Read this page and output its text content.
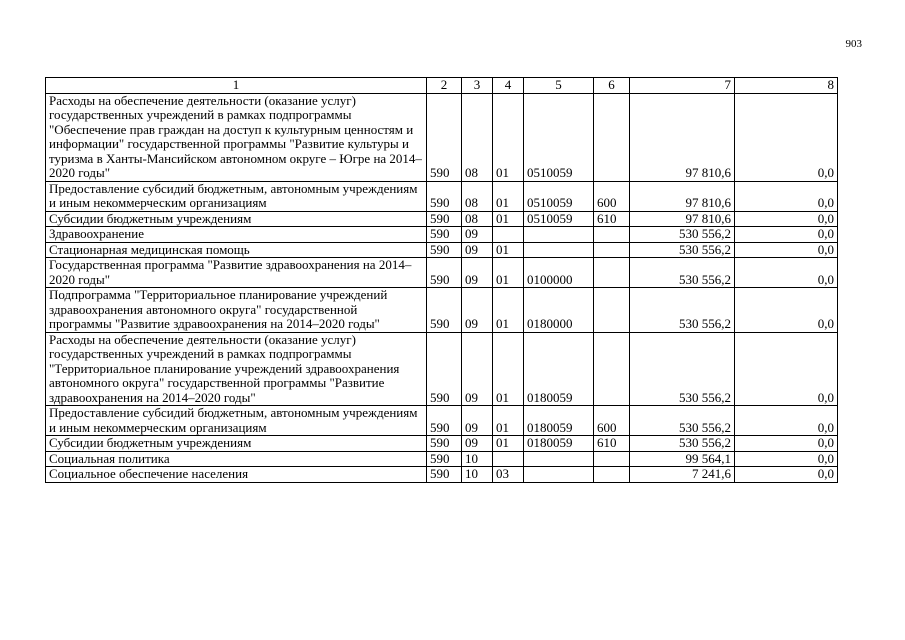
903
1	2	3	4	5	6	7	8
Расходы на обеспечение деятельности (оказание услуг) государственных учреждений в рамках подпрограммы "Обеспечение прав граждан на доступ к культурным ценностям и информации" государственной программы "Развитие культуры и туризма в Ханты-Мансийском автономном округе – Югре на 2014–2020 годы"	590	08	01	0510059		97 810,6	0,0
Предоставление субсидий бюджетным, автономным учреждениям и иным некоммерческим организациям	590	08	01	0510059	600	97 810,6	0,0
Субсидии бюджетным учреждениям	590	08	01	0510059	610	97 810,6	0,0
Здравоохранение	590	09				530 556,2	0,0
Стационарная медицинская помощь	590	09	01			530 556,2	0,0
Государственная программа "Развитие здравоохранения на 2014–2020 годы"	590	09	01	0100000		530 556,2	0,0
Подпрограмма "Территориальное планирование учреждений здравоохранения автономного округа" государственной программы "Развитие здравоохранения на 2014–2020 годы"	590	09	01	0180000		530 556,2	0,0
Расходы на обеспечение деятельности (оказание услуг) государственных учреждений в рамках подпрограммы "Территориальное планирование учреждений здравоохранения автономного округа" государственной программы "Развитие здравоохранения на 2014–2020 годы"	590	09	01	0180059		530 556,2	0,0
Предоставление субсидий бюджетным, автономным учреждениям и иным некоммерческим организациям	590	09	01	0180059	600	530 556,2	0,0
Субсидии бюджетным учреждениям	590	09	01	0180059	610	530 556,2	0,0
Социальная политика	590	10				99 564,1	0,0
Социальное обеспечение населения	590	10	03			7 241,6	0,0
